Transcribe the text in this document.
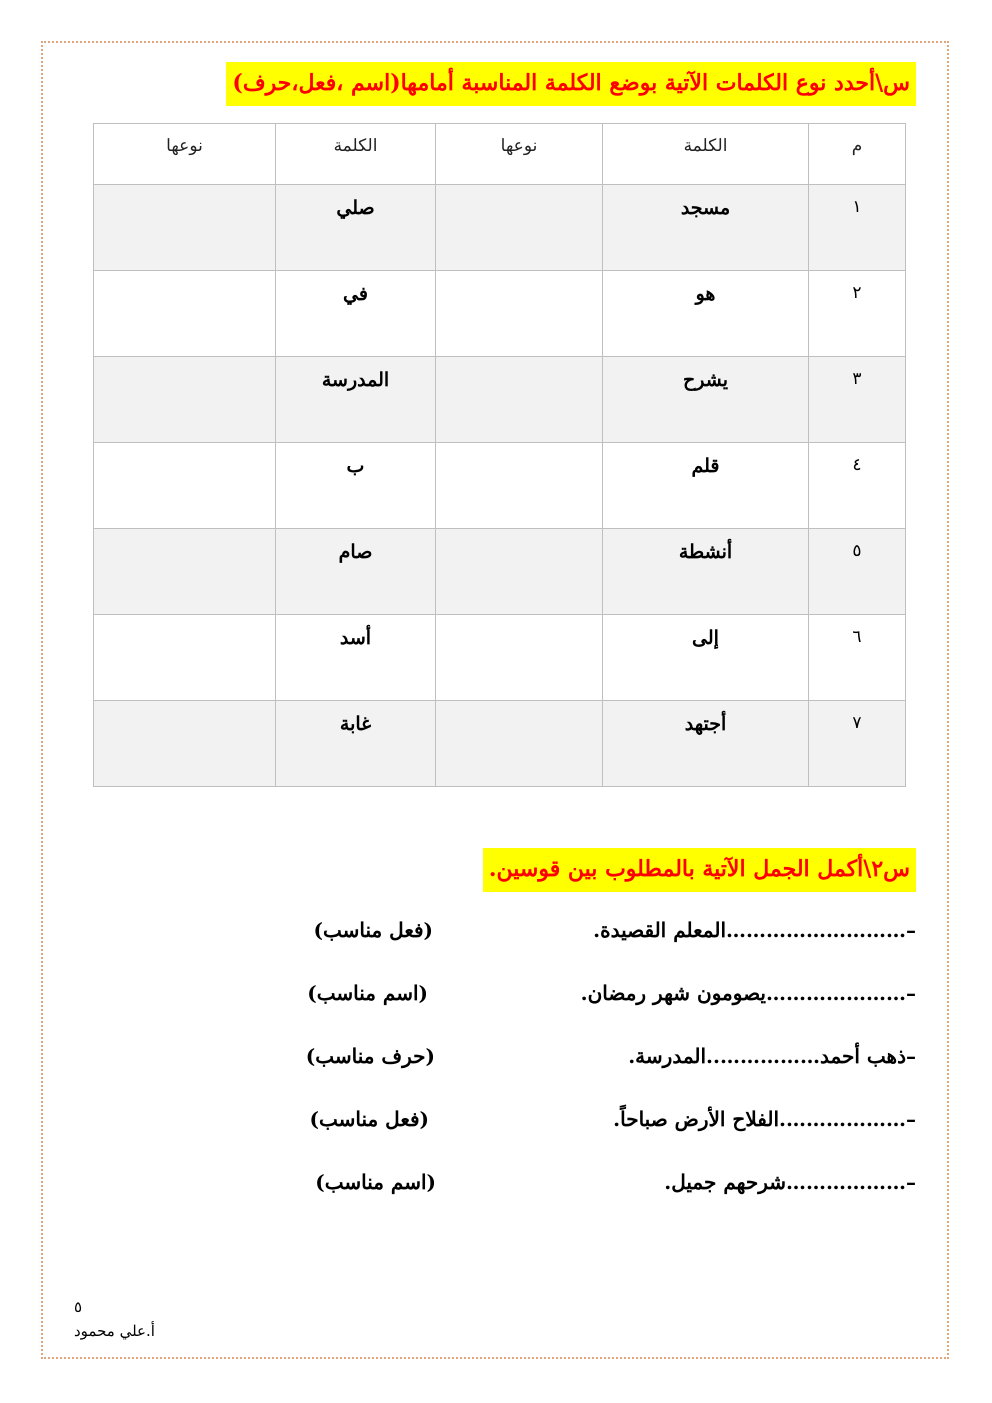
س\أحدد نوع الكلمات الآتية بوضع الكلمة المناسبة أمامها(اسم ،فعل،حرف)
م	الكلمة	نوعها	الكلمة	نوعها
١	مسجد		صلي	
٢	هو		في	
٣	يشرح		المدرسة	
٤	قلم		ب	
٥	أنشطة		صام	
٦	إلى		أسد	
٧	أجتهد		غابة	
س٢\أكمل الجمل الآتية بالمطلوب بين قوسين.
–………………………المعلم القصيدة.
(فعل مناسب)
–…………………يصومون شهر رمضان.
(اسم مناسب)
–ذهب أحمد……………..المدرسة.
(حرف مناسب)
–……………….الفلاح الأرض صباحاً.
(فعل مناسب)
–………………شرحهم جميل.
(اسم مناسب)
٥
أ.علي محمود
